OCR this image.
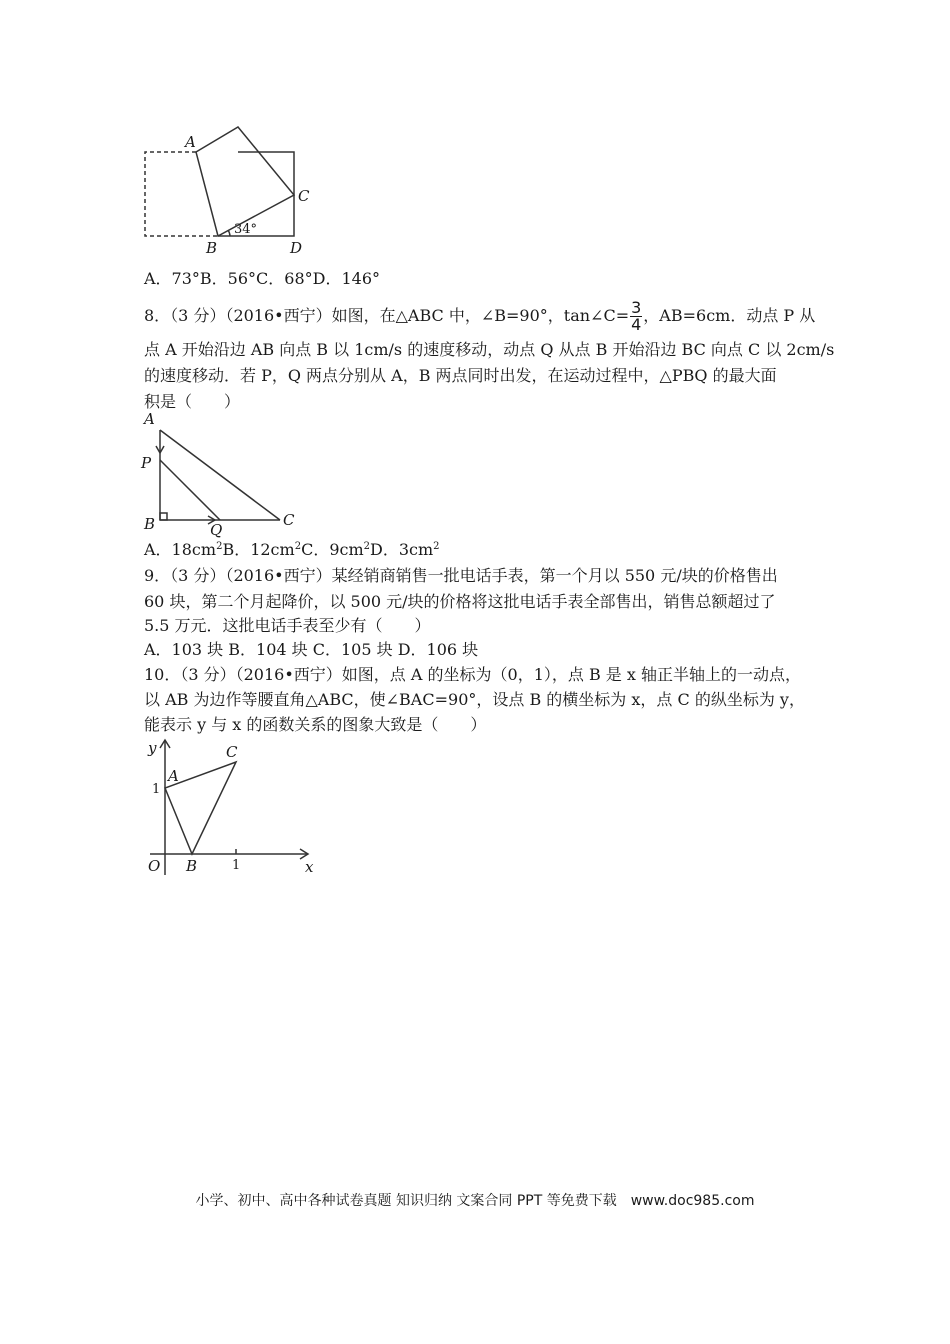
A
C
B	D
34°
A．73°B．56°C．68°D．146°
8．（3 分）（2016•西宁）如图，在△ABC 中，∠B=90°，tan∠C= $\frac{3}{4}$ ，AB=6cm．动点 P 从
点 A 开始沿边 AB 向点 B 以 1cm/s 的速度移动，动点 Q 从点 B 开始沿边 BC 向点 C 以 2cm/s
的速度移动．若 P，Q 两点分别从 A，B 两点同时出发，在运动过程中，△PBQ 的最大面
积是（　　）
A
P
B	Q
C
A．$18cm^2B$．$12cm^2C$．$9cm^2D$．$3cm^2$
9．（3 分）（2016•西宁）某经销商销售一批电话手表，第一个月以 550 元/块的价格售出
60 块，第二个月起降价，以 500 元/块的价格将这批电话手表全部售出，销售总额超过了
5.5 万元．这批电话手表至少有（　　）
A．103 块 B．104 块 C．105 块 D．106 块
10．（3 分）（2016•西宁）如图，点 A 的坐标为（0，1），点 B 是 x 轴正半轴上的一动点，
以 AB 为边作等腰直角△ABC，使∠BAC=90°，设点 B 的横坐标为 x，点 C 的纵坐标为 y，
能表示 y 与 x 的函数关系的图象大致是（　　）
y
A
C
1
O B	1	x
小学、初中、高中各种试卷真题 知识归纳 文案合同 PPT 等免费下载　www.doc985.com
